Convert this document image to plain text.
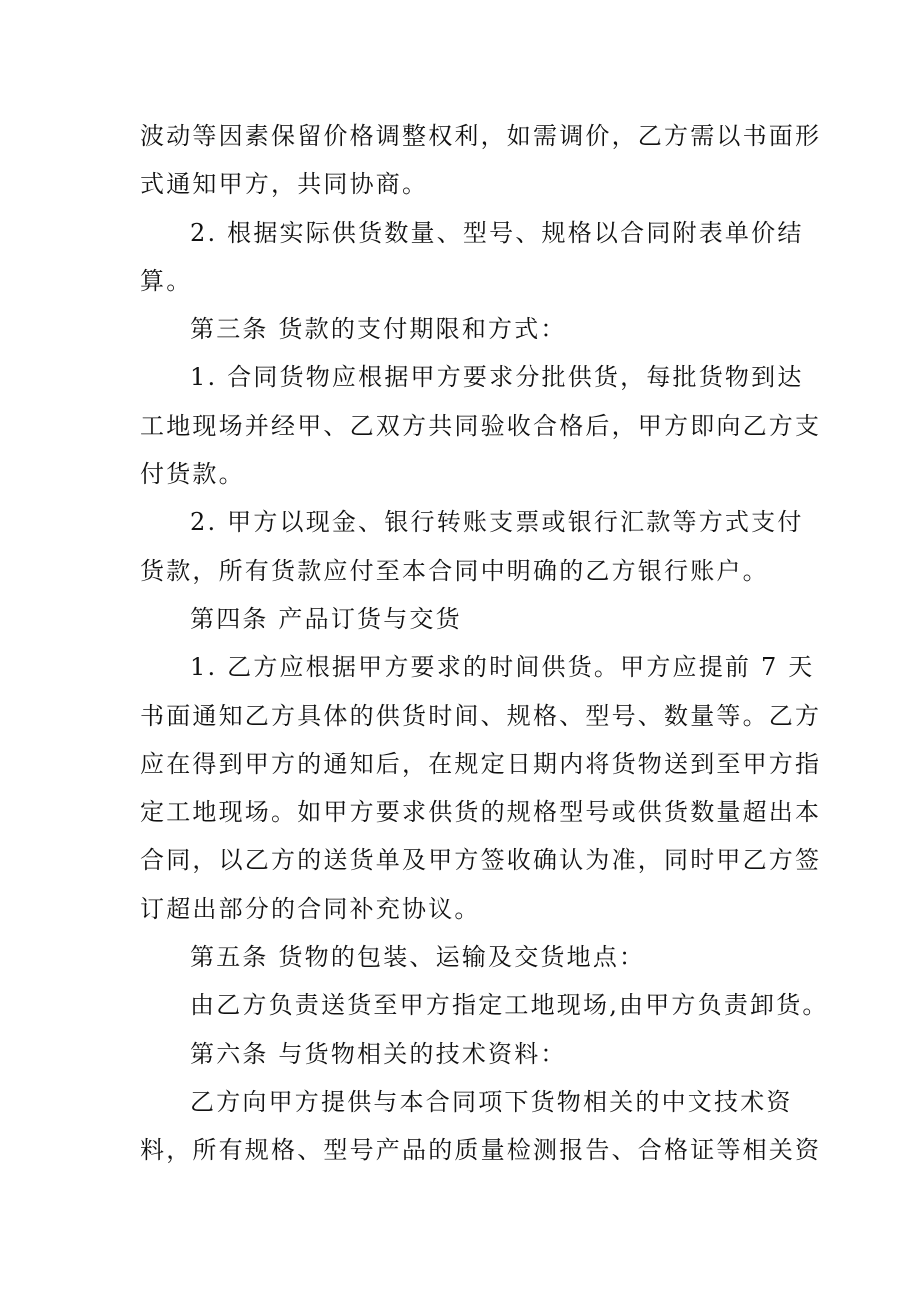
波动等因素保留价格调整权利，如需调价，乙方需以书面形
式通知甲方，共同协商。

2. 根据实际供货数量、型号、规格以合同附表单价结
算。

第三条 货款的支付期限和方式：

1. 合同货物应根据甲方要求分批供货，每批货物到达
工地现场并经甲、乙双方共同验收合格后，甲方即向乙方支
付货款。

2. 甲方以现金、银行转账支票或银行汇款等方式支付
货款，所有货款应付至本合同中明确的乙方银行账户。

第四条 产品订货与交货

1. 乙方应根据甲方要求的时间供货。甲方应提前 7 天
书面通知乙方具体的供货时间、规格、型号、数量等。乙方
应在得到甲方的通知后，在规定日期内将货物送到至甲方指
定工地现场。如甲方要求供货的规格型号或供货数量超出本
合同，以乙方的送货单及甲方签收确认为准，同时甲乙方签
订超出部分的合同补充协议。

第五条 货物的包装、运输及交货地点：

由乙方负责送货至甲方指定工地现场,由甲方负责卸货。

第六条 与货物相关的技术资料：

乙方向甲方提供与本合同项下货物相关的中文技术资
料，所有规格、型号产品的质量检测报告、合格证等相关资
